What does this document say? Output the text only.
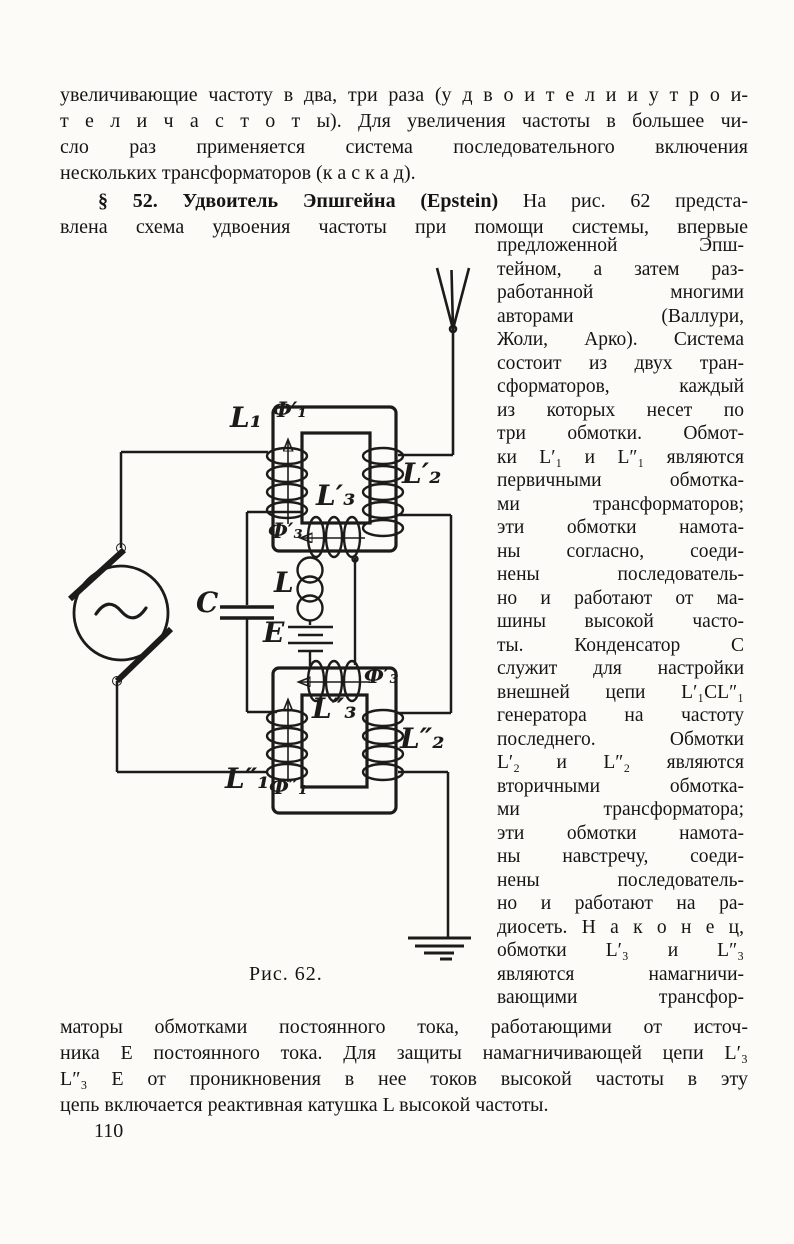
увеличивающие частоту в два, три раза (у д в о и т е л и и у т р о и-
т е л и ч а с т о т ы). Для увеличения частоты в большее чи-
сло раз применяется система последовательного включения
нескольких трансформаторов (к а с к а д).
§ 52. Удвоитель Эпшгейна (Epstein) На рис. 62 предста-
влена схема удвоения частоты при помощи системы, впервые
предложенной Эпш-
тейном, а затем раз-
работанной многими
авторами (Валлури,
Жоли, Арко). Система
состоит из двух тран-
сформаторов, каждый
из которых несет по
три обмотки. Обмот-
ки L′₁ и L″₁ являются
первичными обмотка-
ми трансформаторов;
эти обмотки намота-
ны согласно, соеди-
нены последователь-
но и работают от ма-
шины высокой часто-
ты. Конденсатор C
служит для настройки
внешней цепи L′₁CL″₁
генератора на частоту
последнего. Обмотки
L′₂ и L″₂ являются
вторичными обмотка-
ми трансформатора;
эти обмотки намота-
ны навстречу, соеди-
нены последователь-
но и работают на ра-
диосеть. Н а к о н е ц,
обмотки L′₃ и L″₃
являются намагничи-
вающими трансфор-
L₁ Ф′₁
L′₂
L′₃
Ф′₃
C
L
E
Ф′₃
L″₃
L″₂
L″₁ Ф″₁
Рис. 62.
маторы обмотками постоянного тока, работающими от источ-
ника E постоянного тока. Для защиты намагничивающей цепи L′₃
L″₃ E от проникновения в нее токов высокой частоты в эту
цепь включается реактивная катушка L высокой частоты.
110
